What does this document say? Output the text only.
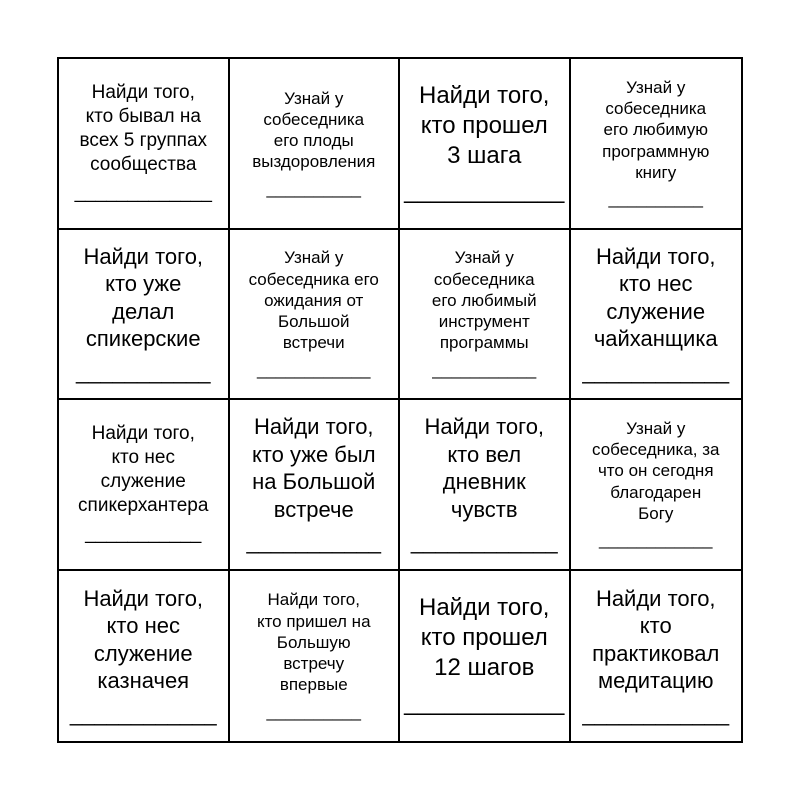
Найди того,
кто бывал на
всех 5 группах
сообщества
_____________
Узнай у
собеседника
его плоды
выздоровления
__________
Найди того,
кто прошел
3 шага
____________
Узнай у
собеседника
его любимую
программную
книгу
__________
Найди того,
кто уже
делал
спикерские
___________
Узнай у
собеседника его
ожидания от
Большой
встречи
____________
Узнай у
собеседника
его любимый
инструмент
программы
___________
Найди того,
кто нес
служение
чайханщика
____________
Найди того,
кто нес
служение
спикерхантера
___________
Найди того,
кто уже был
на Большой
встрече
___________
Найди того,
кто вел
дневник
чувств
____________
Узнай у
собеседника, за
что он сегодня
благодарен
Богу
____________
Найди того,
кто нес
служение
казначея
____________
Найди того,
кто пришел на
Большую
встречу
впервые
__________
Найди того,
кто прошел
12 шагов
____________
Найди того,
кто
практиковал
медитацию
____________
